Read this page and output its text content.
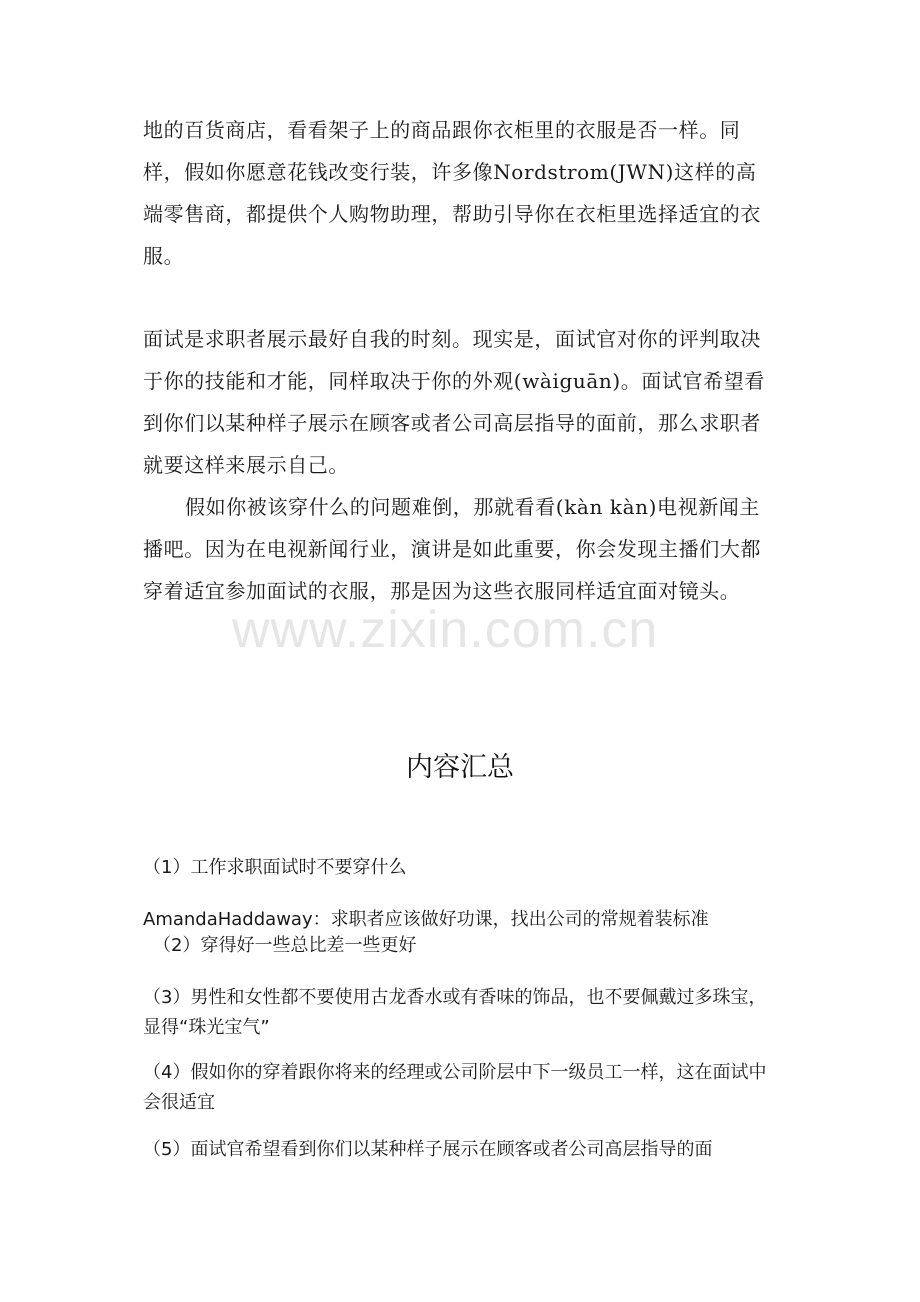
地的百货商店，看看架子上的商品跟你衣柜里的衣服是否一样。同样，假如你愿意花钱改变行装，许多像Nordstrom(JWN)这样的高端零售商，都提供个人购物助理，帮助引导你在衣柜里选择适宜的衣服。

面试是求职者展示最好自我的时刻。现实是，面试官对你的评判取决于你的技能和才能，同样取决于你的外观(wàiguān)。面试官希望看到你们以某种样子展示在顾客或者公司高层指导的面前，那么求职者就要这样来展示自己。

假如你被该穿什么的问题难倒，那就看看(kàn kàn)电视新闻主播吧。因为在电视新闻行业，演讲是如此重要，你会发现主播们大都穿着适宜参加面试的衣服，那是因为这些衣服同样适宜面对镜头。

www.zixin.com.cn
内容汇总

（1）工作求职面试时不要穿什么

AmandaHaddaway：求职者应该做好功课，找出公司的常规着装标准

（2）穿得好一些总比差一些更好

（3）男性和女性都不要使用古龙香水或有香味的饰品，也不要佩戴过多珠宝，显得“珠光宝气”

（4）假如你的穿着跟你将来的经理或公司阶层中下一级员工一样，这在面试中会很适宜

（5）面试官希望看到你们以某种样子展示在顾客或者公司高层指导的面
